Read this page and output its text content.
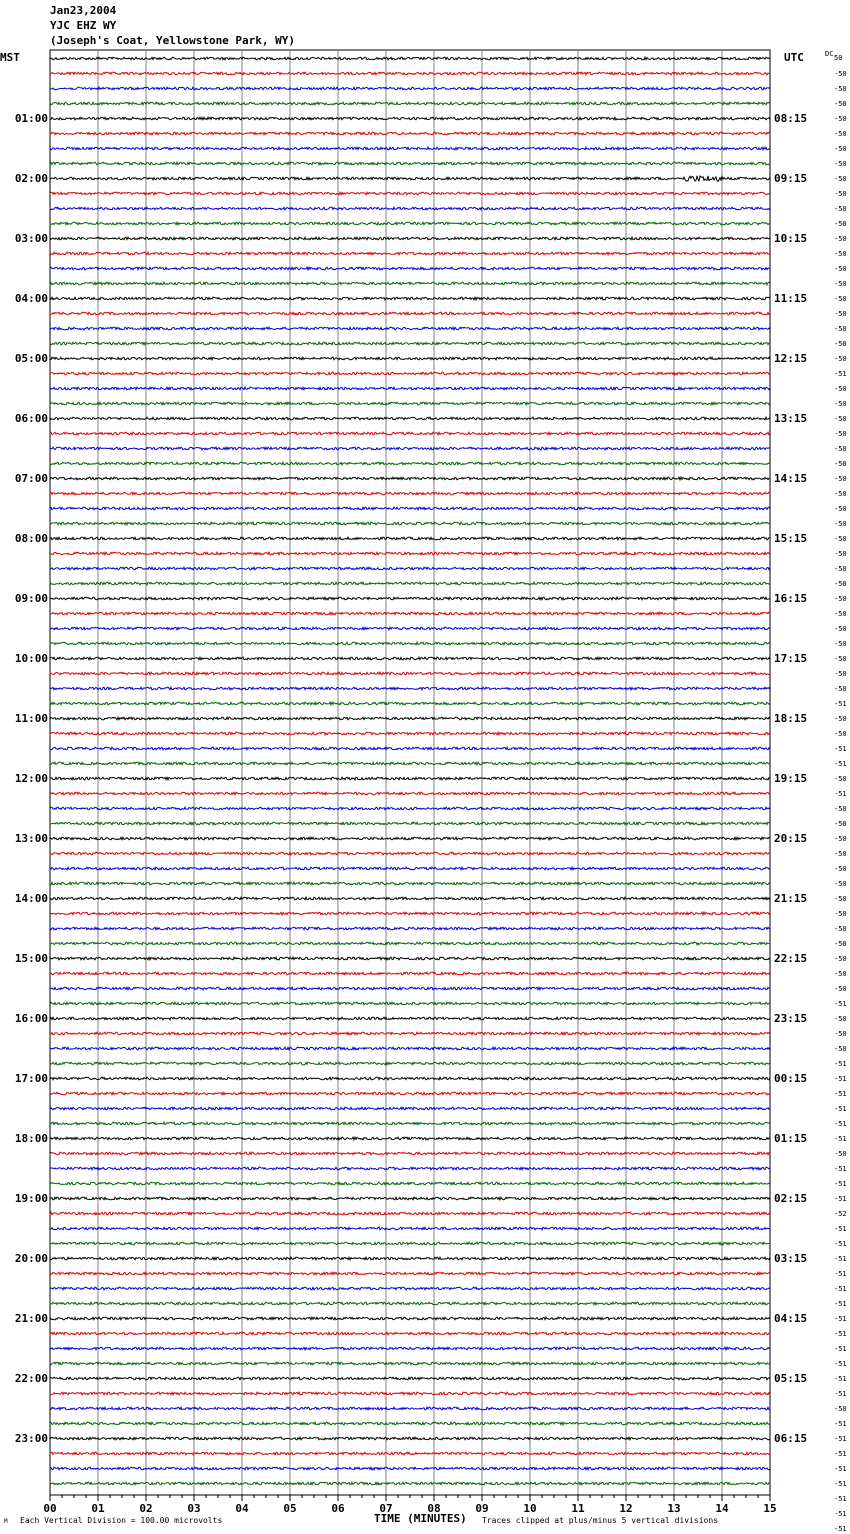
Jan23,2004
YJC EHZ WY
(Joseph's Coat, Yellowstone Park, WY)
MST	UTC
01:00
02:00
03:00
04:00
05:00
06:00
07:00
08:00
09:00
10:00
11:00
12:00
13:00
14:00
15:00
16:00
17:00
18:00
19:00
20:00
21:00
22:00
23:00
08:15
09:15
10:15
11:15
12:15
13:15
14:15
15:15
16:15
17:15
18:15
19:15
20:15
21:15
22:15
23:15
00:15
01:15
02:15
03:15
04:15
05:15
06:15
DC 50
-50
-50
-50
-50
-50
-50
-50
-50
-50
-50
-50
-50
-50
-50
-50
-50
-50
-50
-50
-50
-51
-50
-50
-50
-50
-50
-50
-50
-50
-50
-50
-50
-50
-50
-50
-50
-50
-50
-50
-50
-50
-50
-51
-50
-50
-51
-51
-50
-51
-50
-50
-50
-50
-50
-50
-50
-50
-50
-50
-50
-50
-50
-51
-50
-50
-50
-51
-51
-51
-51
-51
-51
-50
-51
-51
-51
-52
-51
-51
-51
-51
-51
-51
-51
-51
-51
-51
-51
-51
-50
-51
-51
-51
-51
-51
-51
-51
-51
00	01	02	03	04	05	06	07	08	09	10	11	12	13	14	15
TIME (MINUTES)
M Each Vertical Division = 100.00 microvolts	Traces clipped at plus/minus 5 vertical divisions
